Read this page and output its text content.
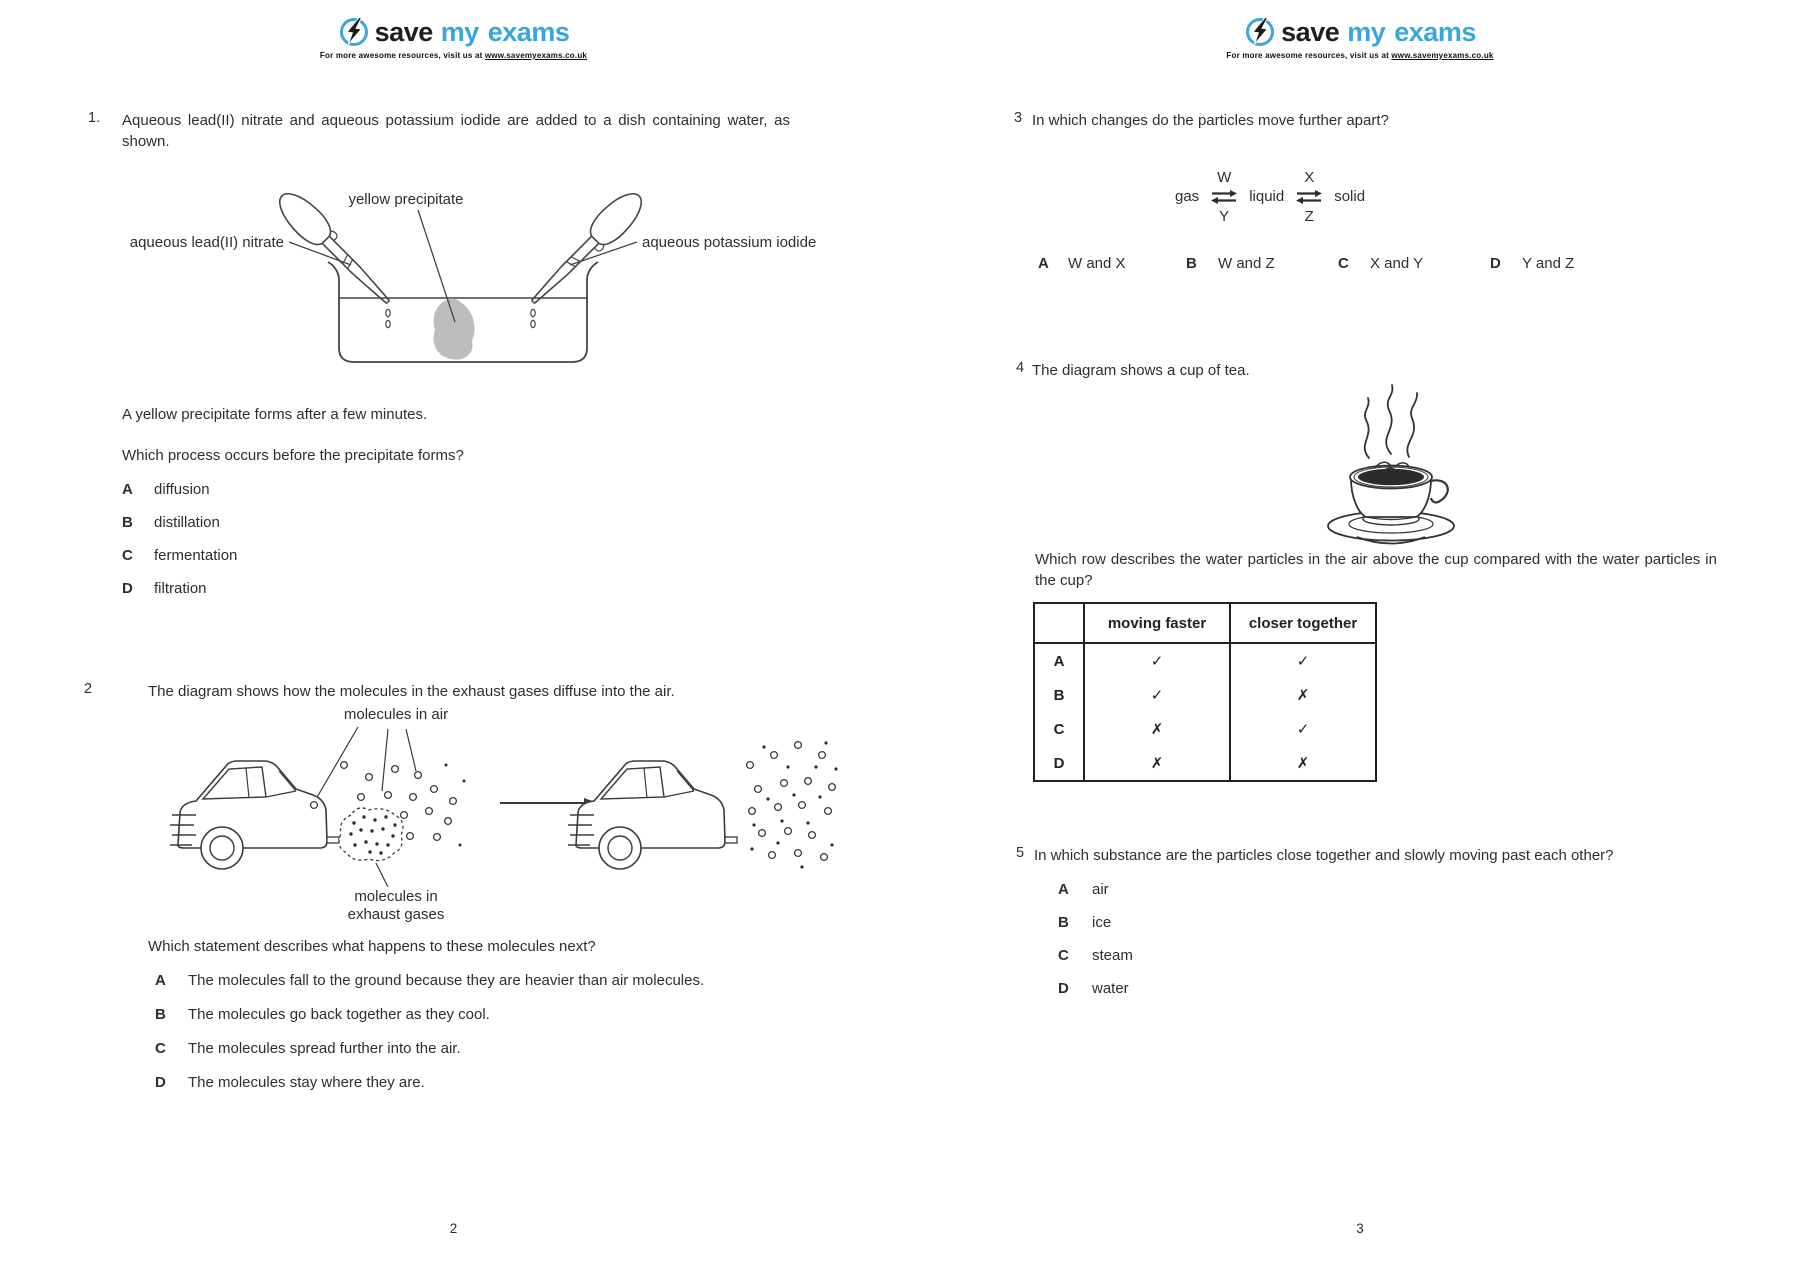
save my exams
For more awesome resources, visit us at www.savemyexams.co.uk
1. Aqueous lead(II) nitrate and aqueous potassium iodide are added to a dish containing water, as shown.
yellow precipitate
aqueous lead(II) nitrate	aqueous potassium iodide
A yellow precipitate forms after a few minutes.
Which process occurs before the precipitate forms?
A	diffusion
B	distillation
C	fermentation
D	filtration
2	The diagram shows how the molecules in the exhaust gases diffuse into the air.
molecules in air
molecules in
exhaust gases
Which statement describes what happens to these molecules next?
A	The molecules fall to the ground because they are heavier than air molecules.
B	The molecules go back together as they cool.
C	The molecules spread further into the air.
D	The molecules stay where they are.
2
save my exams
For more awesome resources, visit us at www.savemyexams.co.uk
3 In which changes do the particles move further apart?
gas
W
Y
liquid
X
Z
solid
A	W and X	B	W and Z	C	X and Y	D	Y and Z
4 The diagram shows a cup of tea.
Which row describes the water particles in the air above the cup compared with the water particles in the cup?
	moving faster	closer together
A	✓	✓
B	✓	✗
C	✗	✓
D	✗	✗
5 In which substance are the particles close together and slowly moving past each other?
A	air
B	ice
C	steam
D	water
3
